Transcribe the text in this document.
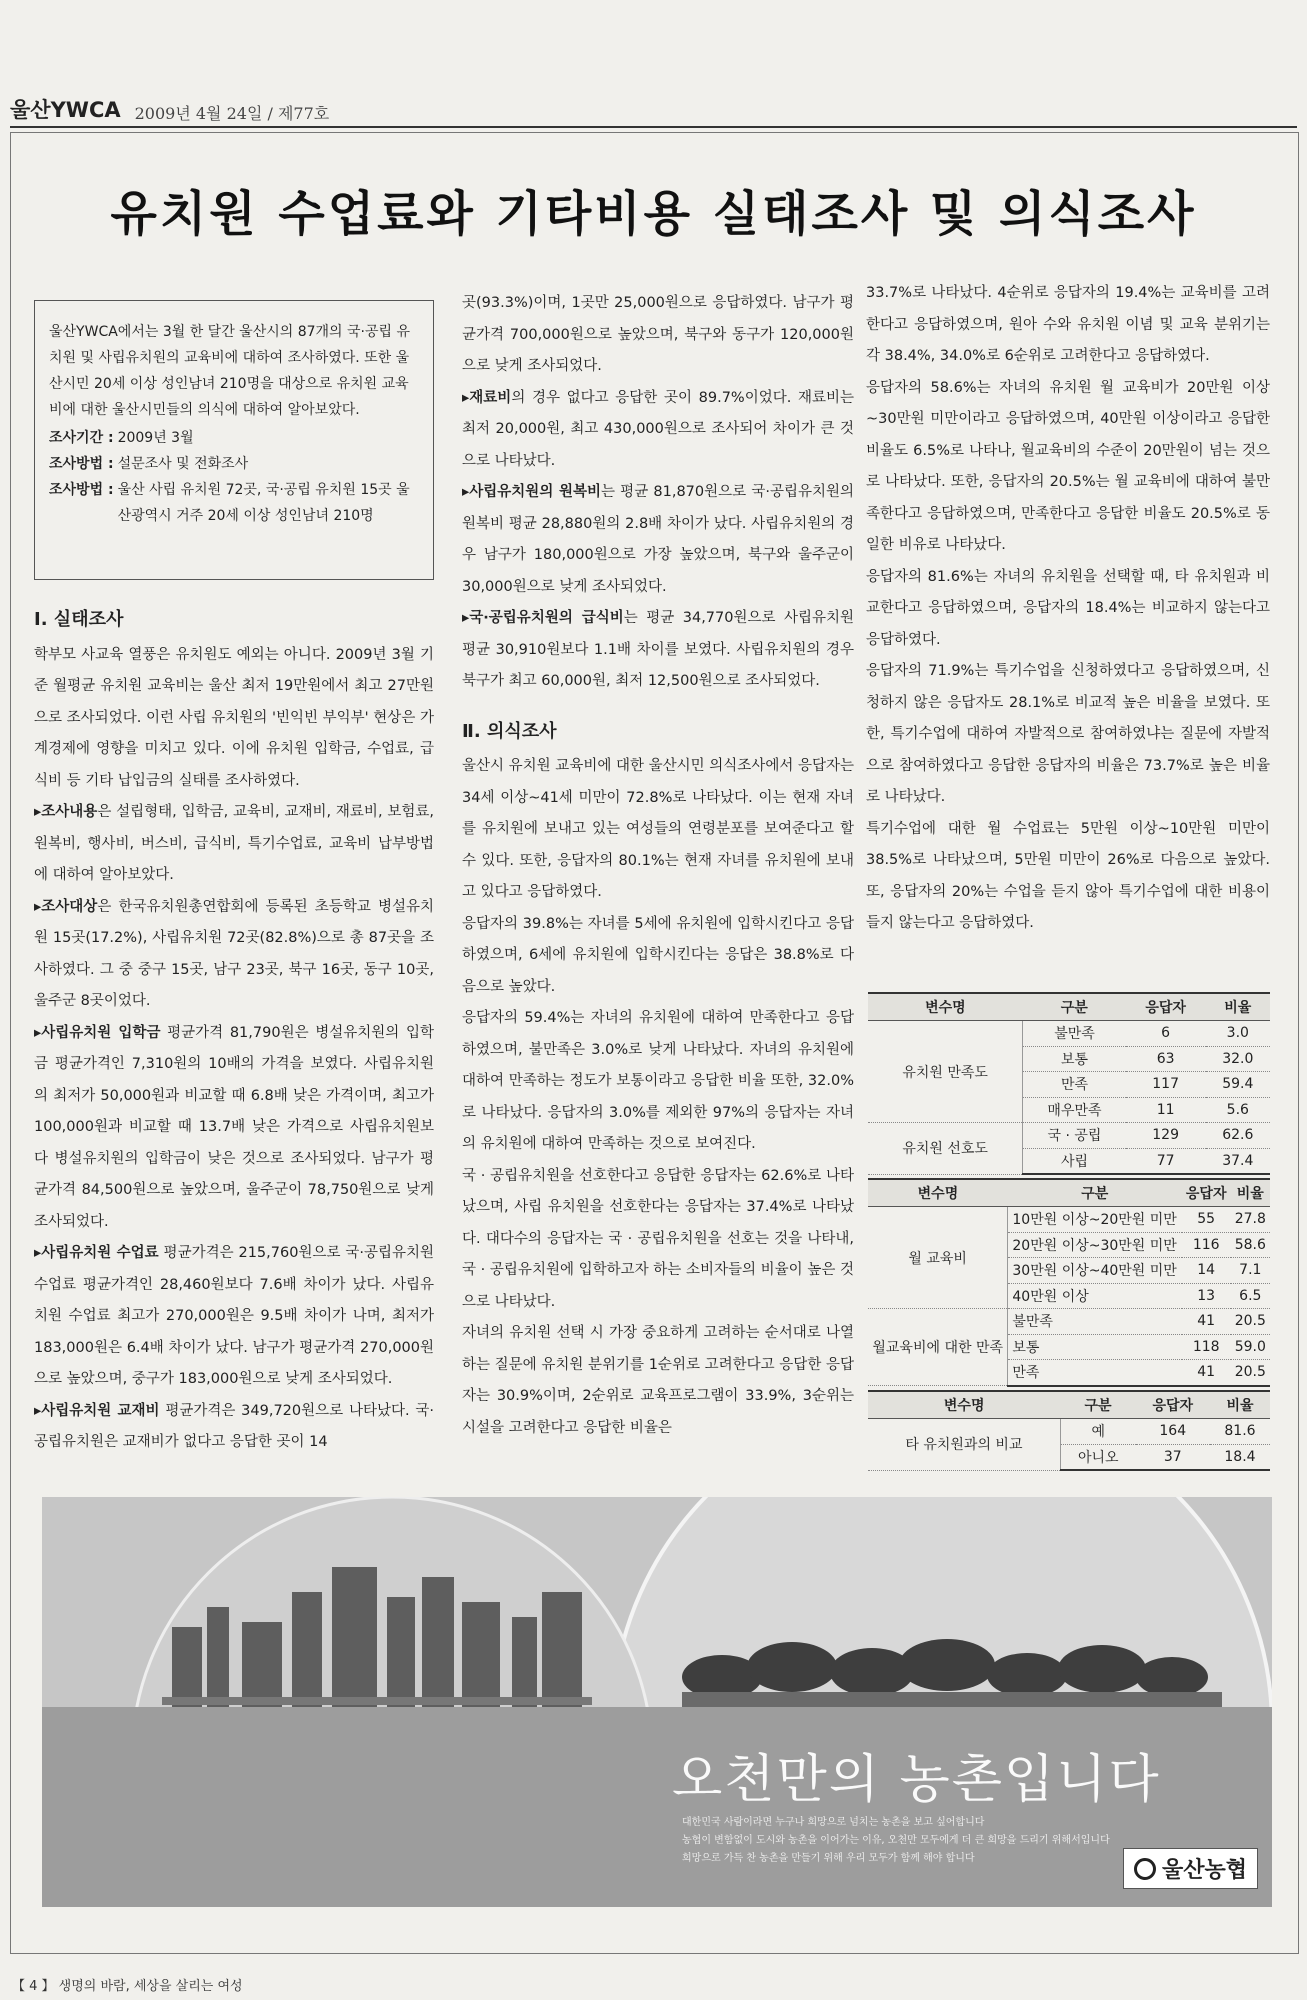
울산YWCA 2009년 4월 24일 / 제77호
유치원 수업료와 기타비용 실태조사 및 의식조사

울산YWCA에서는 3월 한 달간 울산시의 87개의 국·공립 유치원 및 사립유치원의 교육비에 대하여 조사하였다. 또한 울산시민 20세 이상 성인남녀 210명을 대상으로 유치원 교육비에 대한 울산시민들의 의식에 대하여 알아보았다.

조사기간 : 2009년 3월
조사방법 : 설문조사 및 전화조사
조사방법 : 울산 사립 유치원 72곳, 국·공립 유치원 15곳 울산광역시 거주 20세 이상 성인남녀 210명
Ⅰ. 실태조사

학부모 사교육 열풍은 유치원도 예외는 아니다. 2009년 3월 기준 월평균 유치원 교육비는 울산 최저 19만원에서 최고 27만원으로 조사되었다. 이런 사립 유치원의 '빈익빈 부익부' 현상은 가계경제에 영향을 미치고 있다. 이에 유치원 입학금, 수업료, 급식비 등 기타 납입금의 실태를 조사하였다.

▸조사내용은 설립형태, 입학금, 교육비, 교재비, 재료비, 보험료, 원복비, 행사비, 버스비, 급식비, 특기수업료, 교육비 납부방법에 대하여 알아보았다.

▸조사대상은 한국유치원총연합회에 등록된 초등학교 병설유치원 15곳(17.2%), 사립유치원 72곳(82.8%)으로 총 87곳을 조사하였다. 그 중 중구 15곳, 남구 23곳, 북구 16곳, 동구 10곳, 울주군 8곳이었다.

▸사립유치원 입학금 평균가격 81,790원은 병설유치원의 입학금 평균가격인 7,310원의 10배의 가격을 보였다. 사립유치원의 최저가 50,000원과 비교할 때 6.8배 낮은 가격이며, 최고가 100,000원과 비교할 때 13.7배 낮은 가격으로 사립유치원보다 병설유치원의 입학금이 낮은 것으로 조사되었다. 남구가 평균가격 84,500원으로 높았으며, 울주군이 78,750원으로 낮게 조사되었다.

▸사립유치원 수업료 평균가격은 215,760원으로 국·공립유치원 수업료 평균가격인 28,460원보다 7.6배 차이가 났다. 사립유치원 수업료 최고가 270,000원은 9.5배 차이가 나며, 최저가 183,000원은 6.4배 차이가 났다. 남구가 평균가격 270,000원으로 높았으며, 중구가 183,000원으로 낮게 조사되었다.

▸사립유치원 교재비 평균가격은 349,720원으로 나타났다. 국·공립유치원은 교재비가 없다고 응답한 곳이 14

곳(93.3%)이며, 1곳만 25,000원으로 응답하였다. 남구가 평균가격 700,000원으로 높았으며, 북구와 동구가 120,000원으로 낮게 조사되었다.

▸재료비의 경우 없다고 응답한 곳이 89.7%이었다. 재료비는 최저 20,000원, 최고 430,000원으로 조사되어 차이가 큰 것으로 나타났다.

▸사립유치원의 원복비는 평균 81,870원으로 국·공립유치원의 원복비 평균 28,880원의 2.8배 차이가 났다. 사립유치원의 경우 남구가 180,000원으로 가장 높았으며, 북구와 울주군이 30,000원으로 낮게 조사되었다.

▸국·공립유치원의 급식비는 평균 34,770원으로 사립유치원 평균 30,910원보다 1.1배 차이를 보였다. 사립유치원의 경우 북구가 최고 60,000원, 최저 12,500원으로 조사되었다.

Ⅱ. 의식조사

울산시 유치원 교육비에 대한 울산시민 의식조사에서 응답자는 34세 이상~41세 미만이 72.8%로 나타났다. 이는 현재 자녀를 유치원에 보내고 있는 여성들의 연령분포를 보여준다고 할 수 있다. 또한, 응답자의 80.1%는 현재 자녀를 유치원에 보내고 있다고 응답하였다.

응답자의 39.8%는 자녀를 5세에 유치원에 입학시킨다고 응답하였으며, 6세에 유치원에 입학시킨다는 응답은 38.8%로 다음으로 높았다.

응답자의 59.4%는 자녀의 유치원에 대하여 만족한다고 응답하였으며, 불만족은 3.0%로 낮게 나타났다. 자녀의 유치원에 대하여 만족하는 정도가 보통이라고 응답한 비율 또한, 32.0%로 나타났다. 응답자의 3.0%를 제외한 97%의 응답자는 자녀의 유치원에 대하여 만족하는 것으로 보여진다.

국 · 공립유치원을 선호한다고 응답한 응답자는 62.6%로 나타났으며, 사립 유치원을 선호한다는 응답자는 37.4%로 나타났다. 대다수의 응답자는 국 · 공립유치원을 선호는 것을 나타내, 국 · 공립유치원에 입학하고자 하는 소비자들의 비율이 높은 것으로 나타났다.

자녀의 유치원 선택 시 가장 중요하게 고려하는 순서대로 나열하는 질문에 유치원 분위기를 1순위로 고려한다고 응답한 응답자는 30.9%이며, 2순위로 교육프로그램이 33.9%, 3순위는 시설을 고려한다고 응답한 비율은

33.7%로 나타났다. 4순위로 응답자의 19.4%는 교육비를 고려한다고 응답하였으며, 원아 수와 유치원 이념 및 교육 분위기는 각 38.4%, 34.0%로 6순위로 고려한다고 응답하였다.

응답자의 58.6%는 자녀의 유치원 월 교육비가 20만원 이상~30만원 미만이라고 응답하였으며, 40만원 이상이라고 응답한 비율도 6.5%로 나타나, 월교육비의 수준이 20만원이 넘는 것으로 나타났다. 또한, 응답자의 20.5%는 월 교육비에 대하여 불만족한다고 응답하였으며, 만족한다고 응답한 비율도 20.5%로 동일한 비유로 나타났다.

응답자의 81.6%는 자녀의 유치원을 선택할 때, 타 유치원과 비교한다고 응답하였으며, 응답자의 18.4%는 비교하지 않는다고 응답하였다.

응답자의 71.9%는 특기수업을 신청하였다고 응답하였으며, 신청하지 않은 응답자도 28.1%로 비교적 높은 비율을 보였다. 또한, 특기수업에 대하여 자발적으로 참여하였냐는 질문에 자발적으로 참여하였다고 응답한 응답자의 비율은 73.7%로 높은 비율로 나타났다.

특기수업에 대한 월 수업료는 5만원 이상~10만원 미만이 38.5%로 나타났으며, 5만원 미만이 26%로 다음으로 높았다. 또, 응답자의 20%는 수업을 듣지 않아 특기수업에 대한 비용이 들지 않는다고 응답하였다.

변수명	구분	응답자	비율
유치원 만족도	불만족	6	3.0
	보통	63	32.0
	만족	117	59.4
	매우만족	11	5.6
유치원 선호도	국 · 공립	129	62.6
	사립	77	37.4
변수명	구분	응답자	비율
월 교육비	10만원 이상~20만원 미만	55	27.8
	20만원 이상~30만원 미만	116	58.6
	30만원 이상~40만원 미만	14	7.1
	40만원 이상	13	6.5
월교육비에 대한 만족	불만족	41	20.5
	보통	118	59.0
	만족	41	20.5
변수명	구분	응답자	비율
타 유치원과의 비교	예	164	81.6
	아니오	37	18.4
오천만의 농촌입니다
대한민국 사람이라면 누구나 희망으로 넘치는 농촌을 보고 싶어합니다
농협이 변함없이 도시와 농촌을 이어가는 이유, 오천만 모두에게 더 큰 희망을 드리기 위해서입니다
희망으로 가득 찬 농촌을 만들기 위해 우리 모두가 함께 해야 합니다	울산농협
【 4 】 생명의 바람, 세상을 살리는 여성
